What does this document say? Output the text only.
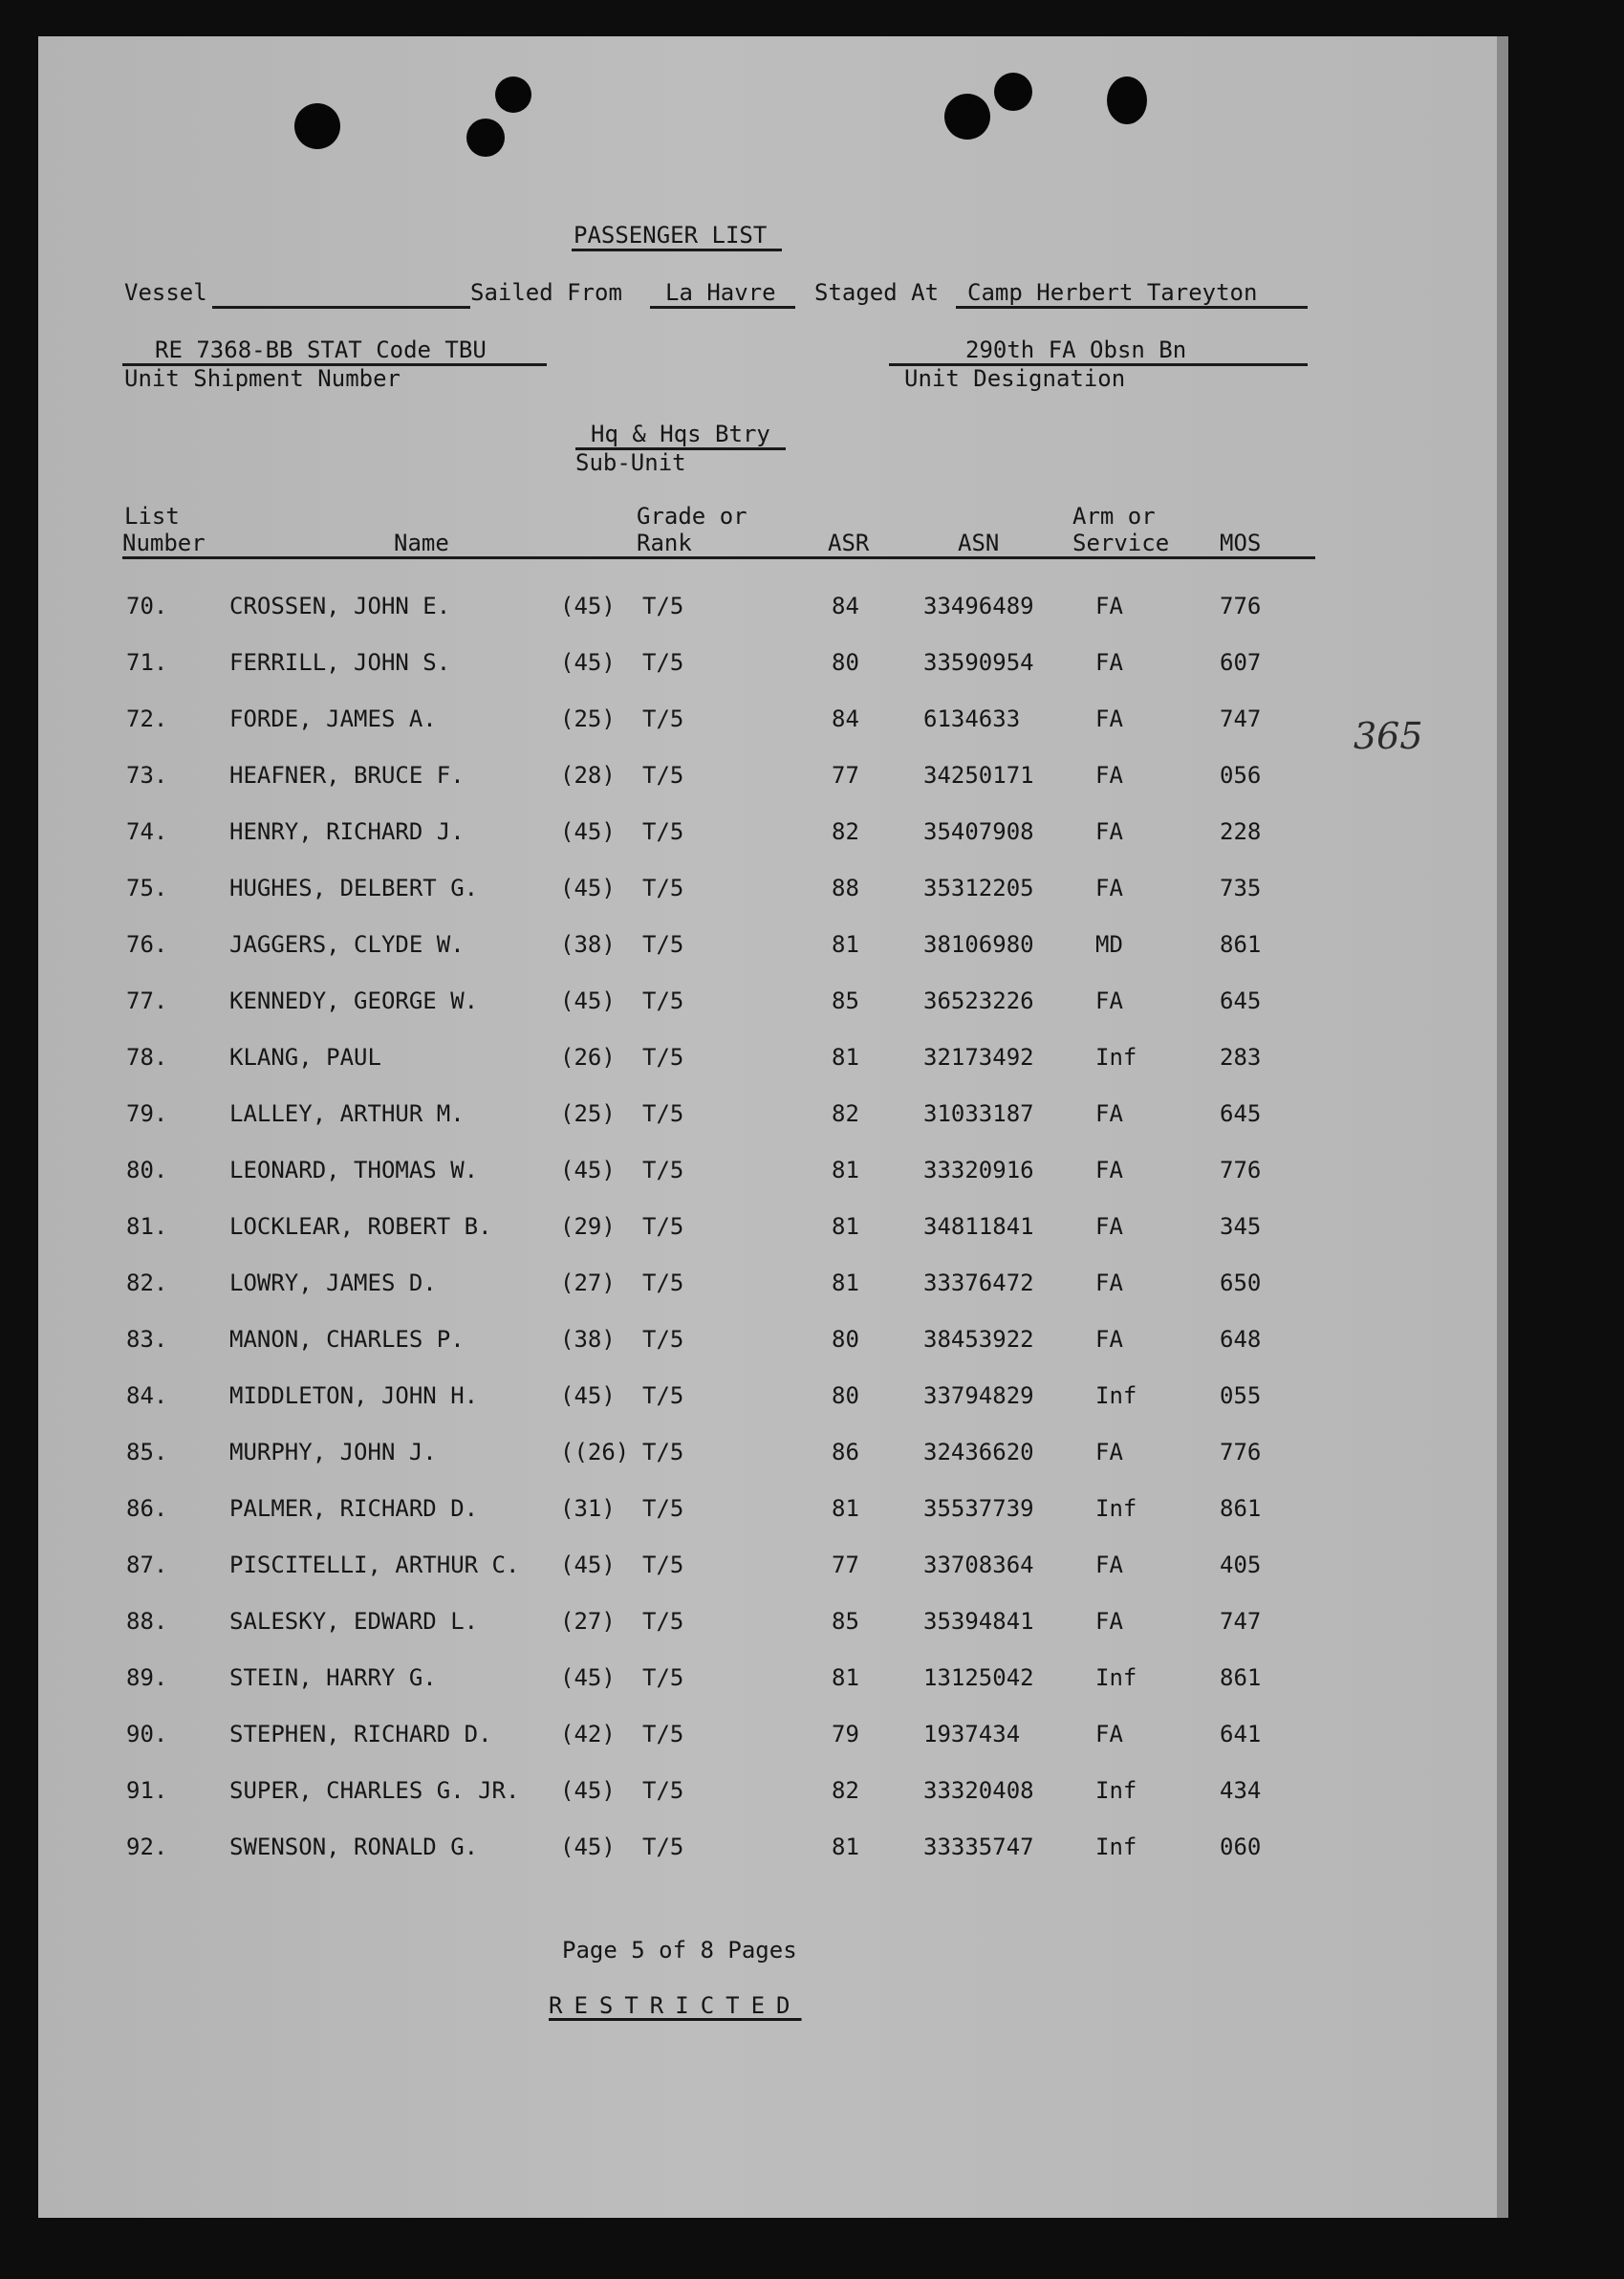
PASSENGER LIST
Vessel	Sailed From La Havre Staged At Camp Herbert Tareyton
RE 7368-BB STAT Code TBU
Unit Shipment Number
290th FA Obsn Bn
Unit Designation
Hq & Hqs Btry
Sub-Unit
365
List
Number	Name
Grade or
Rank	ASR	ASN
Arm or
Service MOS
70.	CROSSEN, JOHN E.	(45) T/5	84	33496489	FA	776
71.	FERRILL, JOHN S.	(45) T/5	80	33590954	FA	607
72.	FORDE, JAMES A.	(25) T/5	84	6134633	FA	747
73.	HEAFNER, BRUCE F.	(28) T/5	77	34250171	FA	056
74.	HENRY, RICHARD J.	(45) T/5	82	35407908	FA	228
75.	HUGHES, DELBERT G.	(45) T/5	88	35312205	FA	735
76.	JAGGERS, CLYDE W.	(38) T/5	81	38106980	MD	861
77.	KENNEDY, GEORGE W.	(45) T/5	85	36523226	FA	645
78.	KLANG, PAUL	(26) T/5	81	32173492	Inf	283
79.	LALLEY, ARTHUR M.	(25) T/5	82	31033187	FA	645
80.	LEONARD, THOMAS W.	(45) T/5	81	33320916	FA	776
81.	LOCKLEAR, ROBERT B.	(29) T/5	81	34811841	FA	345
82.	LOWRY, JAMES D.	(27) T/5	81	33376472	FA	650
83.	MANON, CHARLES P.	(38) T/5	80	38453922	FA	648
84.	MIDDLETON, JOHN H.	(45) T/5	80	33794829	Inf	055
85.	MURPHY, JOHN J.	((26) T/5	86	32436620	FA	776
86.	PALMER, RICHARD D.	(31) T/5	81	35537739	Inf	861
87.	PISCITELLI, ARTHUR C. (45) T/5	77	33708364	FA	405
88.	SALESKY, EDWARD L.	(27) T/5	85	35394841	FA	747
89.	STEIN, HARRY G.	(45) T/5	81	13125042	Inf	861
90.	STEPHEN, RICHARD D.	(42) T/5	79	1937434	FA	641
91.	SUPER, CHARLES G. JR. (45) T/5	82	33320408	Inf	434
92.	SWENSON, RONALD G.	(45) T/5	81	33335747	Inf	060
Page 5 of 8 Pages
RESTRICTED
